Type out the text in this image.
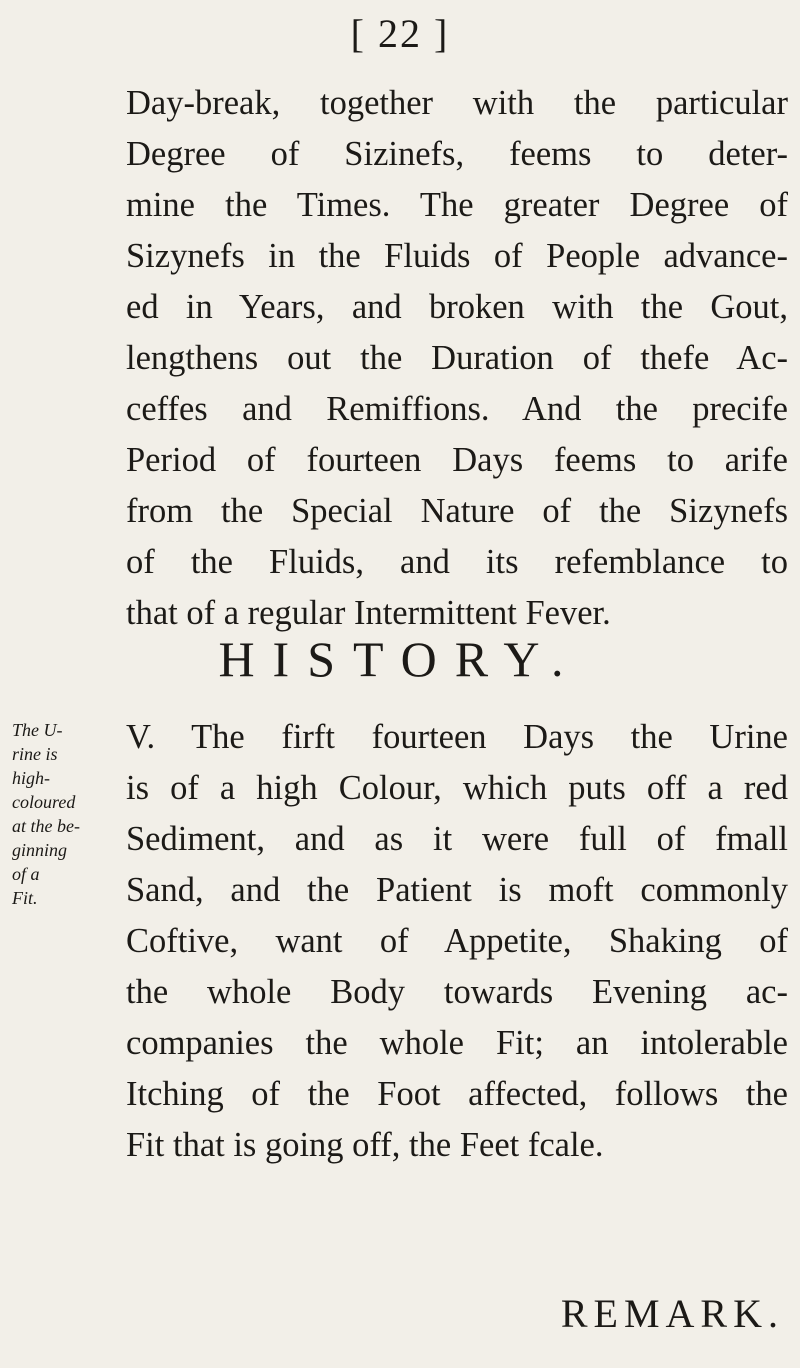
[ 22 ]
Day-break, together with the particular
Degree of Sizinefs, feems to deter-
mine the Times. The greater Degree of
Sizynefs in the Fluids of People advance-
ed in Years, and broken with the Gout,
lengthens out the Duration of thefe Ac-
ceffes and Remiffions. And the precife
Period of fourteen Days feems to arife
from the Special Nature of the Sizynefs
of the Fluids, and its refemblance to
that of a regular Intermittent Fever.
HISTORY.
The U-
rine is
high-
coloured
at the be-
ginning
of a
Fit.
V. The firft fourteen Days the Urine
is of a high Colour, which puts off a red
Sediment, and as it were full of fmall
Sand, and the Patient is moft commonly
Coftive, want of Appetite, Shaking of
the whole Body towards Evening ac-
companies the whole Fit; an intolerable
Itching of the Foot affected, follows the
Fit that is going off, the Feet fcale.
REMARK.
